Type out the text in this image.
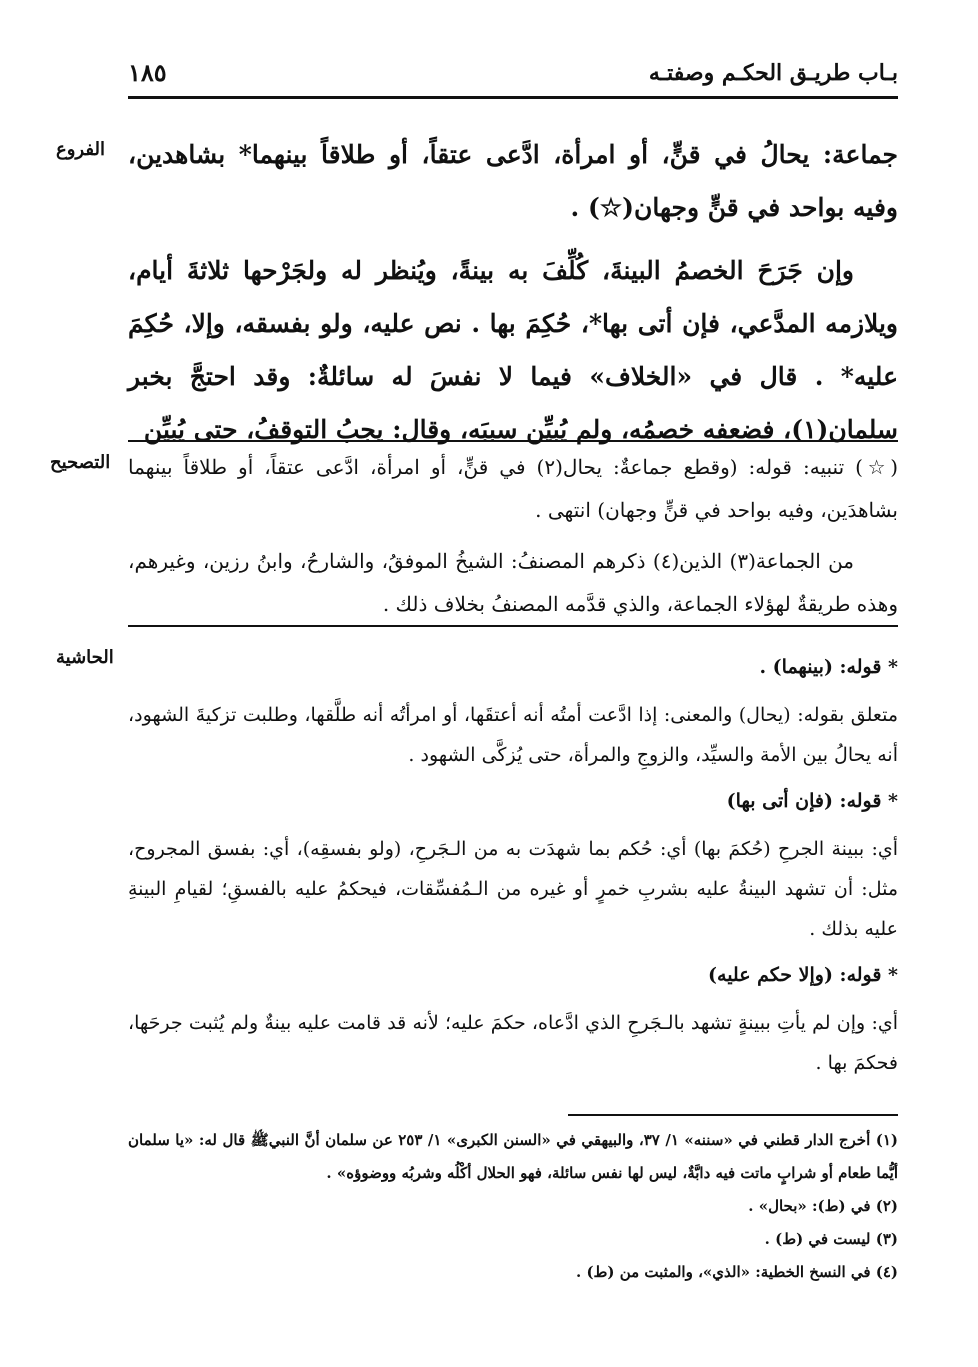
بـاب طريـق الحكـم وصفتـه
١٨٥
الفروع جماعة: يحالُ في قنٍّ، أو امرأة، ادَّعى عتقاً، أو طلاقاً بينهما* بشاهدين، وفيه بواحد في قنٍّ وجهان(☆) .

وإن جَرَحَ الخصمُ البينةَ، كُلِّفَ به بينةً، ويُنظر له ولجَرْحها ثلاثةَ أيام، ويلازمه المدَّعي، فإن أتى بها*، حُكِمَ بها . نص عليه، ولو بفسقه، وإلا، حُكِمَ عليه* . قال في «الخلاف» فيما لا نفسَ له سائلةٌ: وقد احتجَّ بخبر سلمان(١)، فضعفه خصمُه، ولم يُبيِّن سببَه، وقال: يجبُ التوقفُ، حتى يُبيِّن

التصحيح (☆) تنبيه: قوله: (وقطع جماعةٌ: يحال(٢) في قنٍّ، أو امرأة، ادَّعى عتقاً، أو طلاقاً بينهما بشاهدَين، وفيه بواحد في قنٍّ وجهان) انتهى .

من الجماعة(٣) الذين(٤) ذكرهم المصنفُ: الشيخُ الموفقُ، والشارحُ، وابنُ رزين، وغيرهم، وهذه طريقةٌ لهؤلاء الجماعة، والذي قدَّمه المصنفُ بخلاف ذلك .

الحاشية	* قوله: (بينهما) .

متعلق بقوله: (يحال) والمعنى: إذا ادَّعت أمتُه أنه أعتقَها، أو امرأتُه أنه طلَّقها، وطلبت تزكيةَ الشهود، أنه يحالُ بين الأمة والسيِّد، والزوجِ والمرأة، حتى يُزكَّى الشهود .

* قوله: (فإن أتى بها)

أي: ببينة الجرحِ (حُكمَ بها) أي: حُكم بما شهدَت به من الـجَرحِ، (ولو بفسقِه)، أي: بفسق المجروح، مثل: أن تشهد البينةُ عليه بشربِ خمرٍ أو غيره من الـمُفسِّقات، فيحكمُ عليه بالفسقِ؛ لقيامِ البينةِ عليه بذلك .

* قوله: (وإلا حكم عليه)

أي: وإن لم يأتِ ببينةٍ تشهد بالـجَرحِ الذي ادَّعاه، حكمَ عليه؛ لأنه قد قامت عليه بينةٌ ولم يُثبت جرحَها، فحكمَ بها .

(١) أخرج الدار قطني في «سننه» ١/ ٣٧، والبيهقي في «السنن الكبرى» ١/ ٢٥٣ عن سلمان أنَّ النبيﷺ قال له: «يا سلمان أيُّما طعام أو شرابٍ ماتت فيه دابَّةٌ، ليس لها نفس سائلة، فهو الحلال أكْلُه وشربُه ووضوؤه» .

(٢) في (ط): «بحال» .

(٣) ليست في (ط) .

(٤) في النسخ الخطية: «الذي»، والمثبت من (ط) .
